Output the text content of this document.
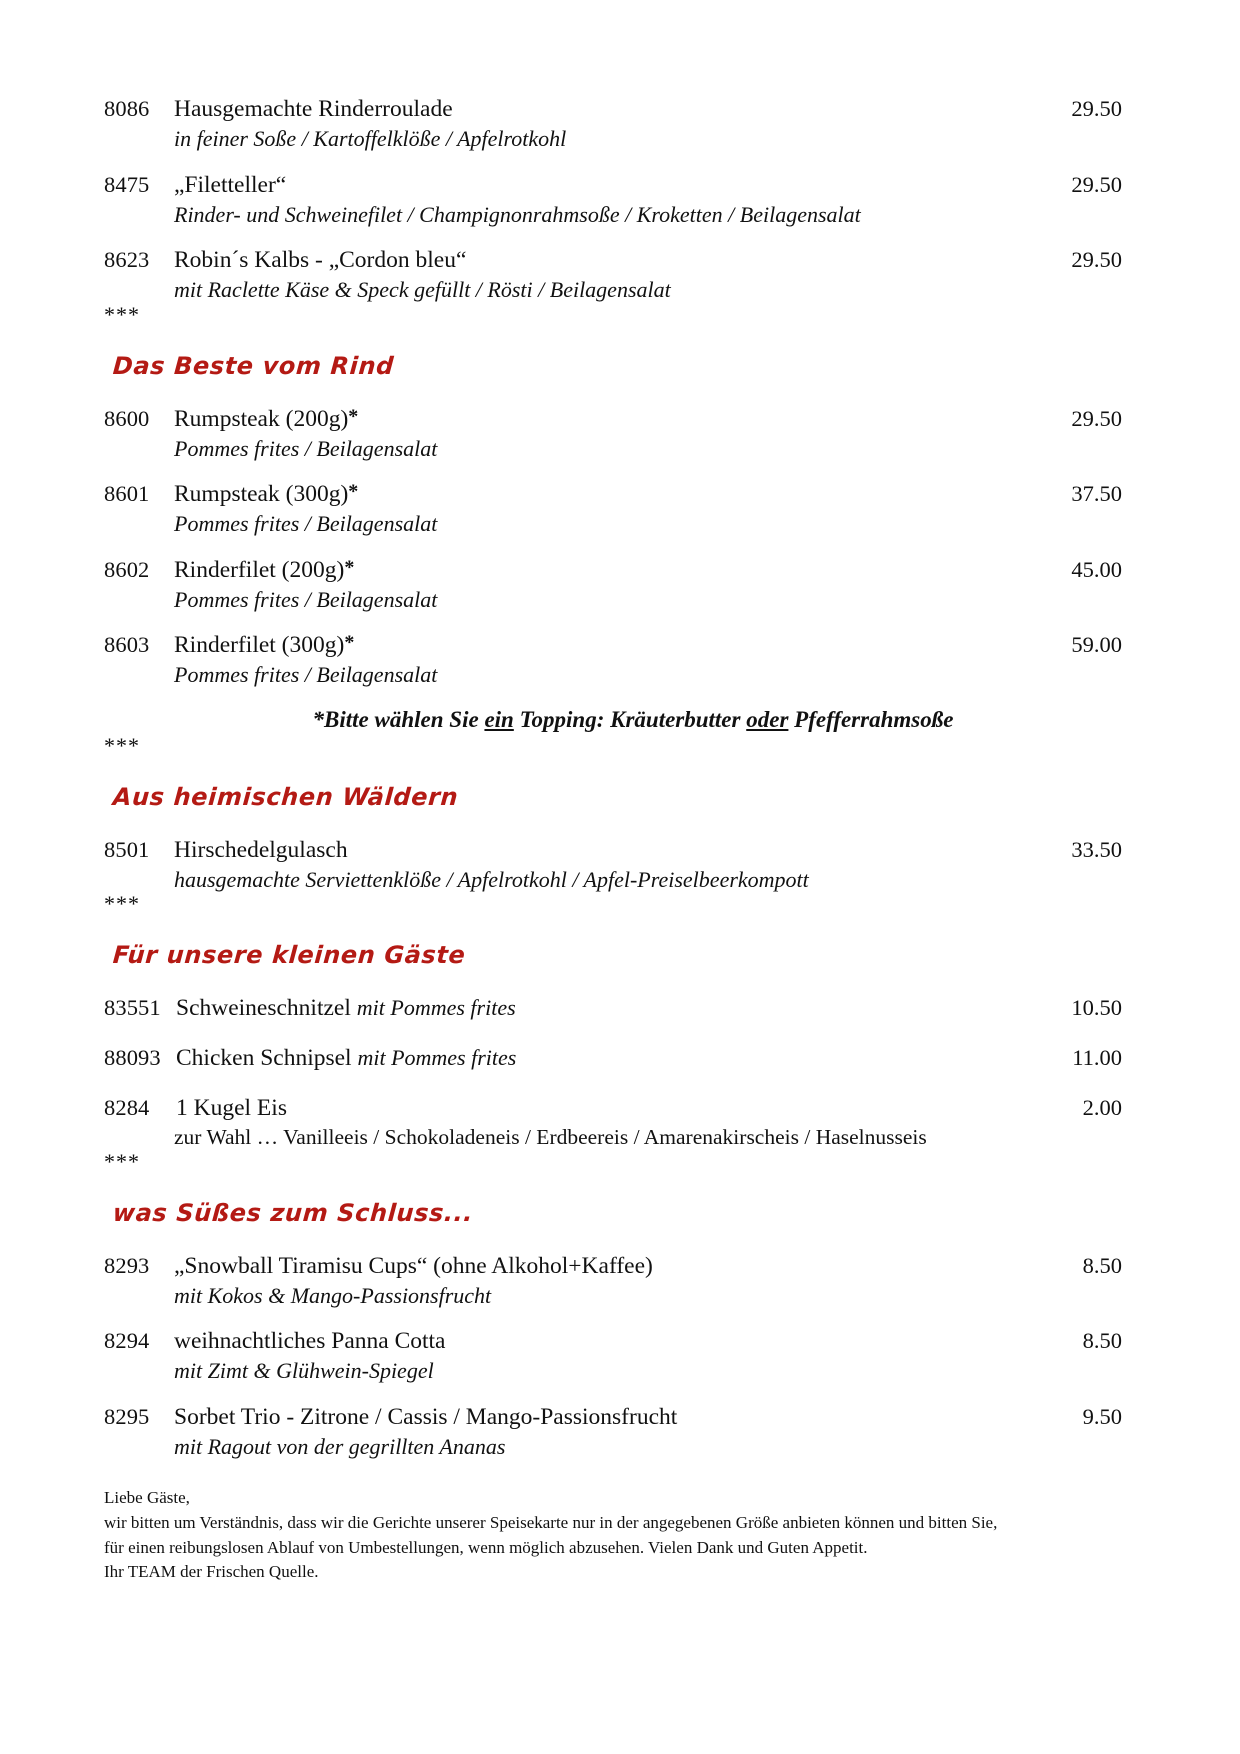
8086	Hausgemachte Rinderroulade	29.50
in feiner Soße / Kartoffelklöße / Apfelrotkohl
8475	„Filetteller“	29.50
Rinder- und Schweinefilet / Champignonrahmsoße / Kroketten / Beilagensalat
8623	Robin´s Kalbs - „Cordon bleu“	29.50
mit Raclette Käse & Speck gefüllt / Rösti / Beilagensalat
***
Das Beste vom Rind
8600	Rumpsteak (200g)*	29.50
Pommes frites / Beilagensalat
8601	Rumpsteak (300g)*	37.50
Pommes frites / Beilagensalat
8602	Rinderfilet (200g)*	45.00
Pommes frites / Beilagensalat
8603	Rinderfilet (300g)*	59.00
Pommes frites / Beilagensalat
*Bitte wählen Sie ein Topping: Kräuterbutter oder Pfefferrahmsoße
***
Aus heimischen Wäldern
8501	Hirschedelgulasch	33.50
hausgemachte Serviettenklöße / Apfelrotkohl / Apfel-Preiselbeerkompott
***
Für unsere kleinen Gäste
83551 Schweineschnitzel mit Pommes frites	10.50
88093 Chicken Schnipsel mit Pommes frites	11.00
8284	1 Kugel Eis	2.00
zur Wahl … Vanilleeis / Schokoladeneis / Erdbeereis / Amarenakirscheis / Haselnusseis
***
was Süßes zum Schluss...
8293	„Snowball Tiramisu Cups“ (ohne Alkohol+Kaffee)	8.50
mit Kokos & Mango-Passionsfrucht
8294	weihnachtliches Panna Cotta	8.50
mit Zimt & Glühwein-Spiegel
8295	Sorbet Trio - Zitrone / Cassis / Mango-Passionsfrucht	9.50
mit Ragout von der gegrillten Ananas
Liebe Gäste,
wir bitten um Verständnis, dass wir die Gerichte unserer Speisekarte nur in der angegebenen Größe anbieten können und bitten Sie,
für einen reibungslosen Ablauf von Umbestellungen, wenn möglich abzusehen. Vielen Dank und Guten Appetit.
Ihr TEAM der Frischen Quelle.
